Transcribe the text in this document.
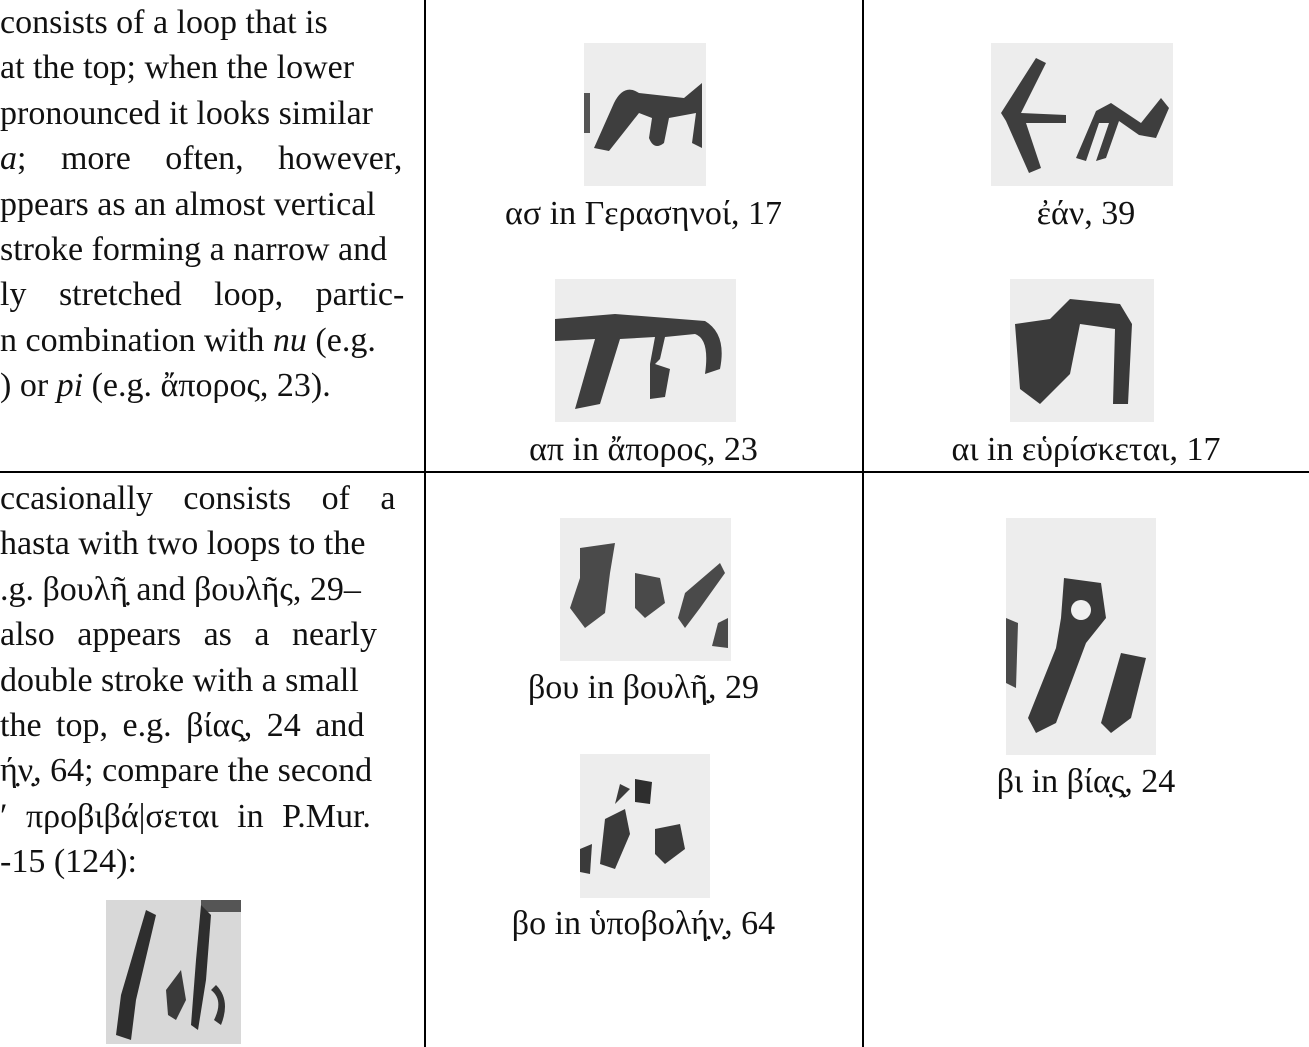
consists of a loop that is
at the top; when the lower
pronounced it looks similar
a; more often, however,
ppears as an almost vertical
stroke forming a narrow and
ly stretched loop, partic-
n combination with nu (e.g.
) or pi (e.g. ἄπορος, 23).
ασ in Γερασηνοί, 17	ἐάν, 39
απ in ἄπορος, 23	αι in εὑρίσκεται, 17
ccasionally consists of a
hasta with two loops to the
.g. βουλῆ̣ and βουλῆς, 29–
also appears as a nearly
double stroke with a small
the top, e.g. βίας̣, 24 and
ή̣ν̣, 64; compare the second
ʹ προβιβά|σεται in P.Mur.
-15 (124):
βου in βουλῆ̣, 29
βο in ὑποβολή̣ν̣, 64
βι in βία̣ς̣, 24
